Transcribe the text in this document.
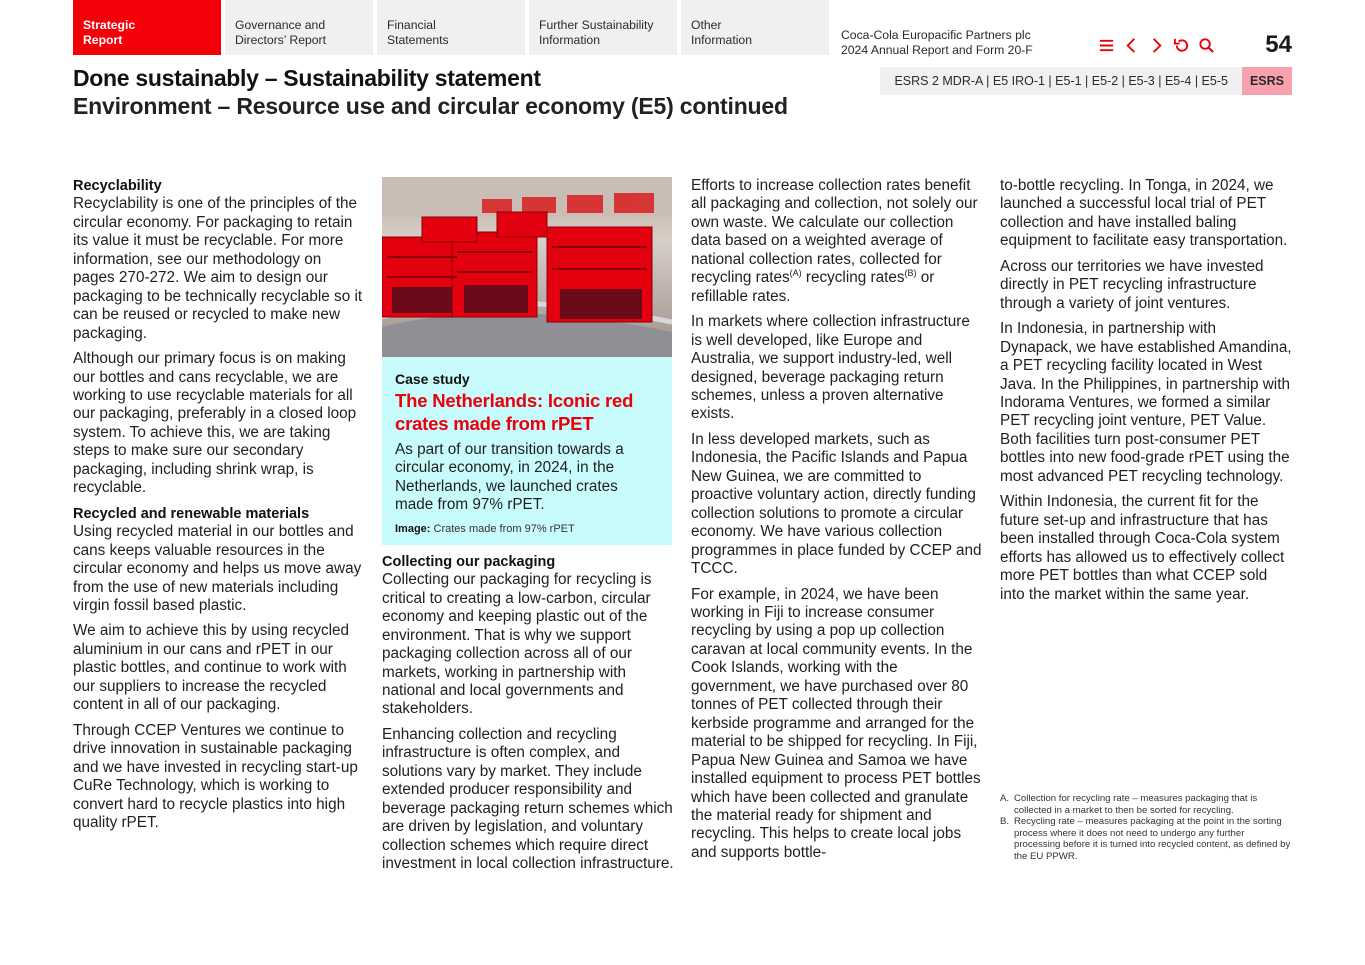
Strategic
Report
Governance and
Directors’ Report
Financial
Statements
Further Sustainability
Information
Other
Information	Coca-Cola Europacific Partners plc
2024 Annual Report and Form 20-F	54
Done sustainably – Sustainability statement
Environment – Resource use and circular economy (E5) continued
ESRS 2 MDR-A | E5 IRO-1 | E5-1 | E5-2 | E5-3 | E5-4 | E5-5	ESRS
Recyclability

Recyclability is one of the principles of the circular economy. For packaging to retain its value it must be recyclable. For more information, see our methodology on pages 270-272. We aim to design our packaging to be technically recyclable so it can be reused or recycled to make new packaging.

Although our primary focus is on making our bottles and cans recyclable, we are working to use recyclable materials for all our packaging, preferably in a closed loop system. To achieve this, we are taking steps to make sure our secondary packaging, including shrink wrap, is recyclable.

Recycled and renewable materials

Using recycled material in our bottles and cans keeps valuable resources in the circular economy and helps us move away from the use of new materials including virgin fossil based plastic.

We aim to achieve this by using recycled aluminium in our cans and rPET in our plastic bottles, and continue to work with our suppliers to increase the recycled content in all of our packaging.

Through CCEP Ventures we continue to drive innovation in sustainable packaging and we have invested in recycling start-up CuRe Technology, which is working to convert hard to recycle plastics into high quality rPET.

Case study
The Netherlands: Iconic red crates made from rPET
As part of our transition towards a circular economy, in 2024, in the Netherlands, we launched crates made from 97% rPET.
Image: Crates made from 97% rPET
Collecting our packaging

Collecting our packaging for recycling is critical to creating a low-carbon, circular economy and keeping plastic out of the environment. That is why we support packaging collection across all of our markets, working in partnership with national and local governments and stakeholders.

Enhancing collection and recycling infrastructure is often complex, and solutions vary by market. They include extended producer responsibility and beverage packaging return schemes which are driven by legislation, and voluntary collection schemes which require direct investment in local collection infrastructure.

Efforts to increase collection rates benefit all packaging and collection, not solely our own waste. We calculate our collection data based on a weighted average of national collection rates, collected for recycling rates$^{(A)}$ recycling rates$^{(B)}$ or refillable rates.

In markets where collection infrastructure is well developed, like Europe and Australia, we support industry-led, well designed, beverage packaging return schemes, unless a proven alternative exists.

In less developed markets, such as Indonesia, the Pacific Islands and Papua New Guinea, we are committed to proactive voluntary action, directly funding collection solutions to promote a circular economy. We have various collection programmes in place funded by CCEP and TCCC.

For example, in 2024, we have been working in Fiji to increase consumer recycling by using a pop up collection caravan at local community events. In the Cook Islands, working with the government, we have purchased over 80 tonnes of PET collected through their kerbside programme and arranged for the material to be shipped for recycling. In Fiji, Papua New Guinea and Samoa we have installed equipment to process PET bottles which have been collected and granulate the material ready for shipment and recycling. This helps to create local jobs and supports bottle-

to-bottle recycling. In Tonga, in 2024, we launched a successful local trial of PET collection and have installed baling equipment to facilitate easy transportation.

Across our territories we have invested directly in PET recycling infrastructure through a variety of joint ventures.

In Indonesia, in partnership with Dynapack, we have established Amandina, a PET recycling facility located in West Java. In the Philippines, in partnership with Indorama Ventures, we formed a similar PET recycling joint venture, PET Value. Both facilities turn post-consumer PET bottles into new food-grade rPET using the most advanced PET recycling technology.

Within Indonesia, the current fit for the future set-up and infrastructure that has been installed through Coca-Cola system efforts has allowed us to effectively collect more PET bottles than what CCEP sold into the market within the same year.

A. Collection for recycling rate – measures packaging that is collected in a market to then be sorted for recycling.
B. Recycling rate – measures packaging at the point in the sorting process where it does not need to undergo any further processing before it is turned into recycled content, as defined by the EU PPWR.
